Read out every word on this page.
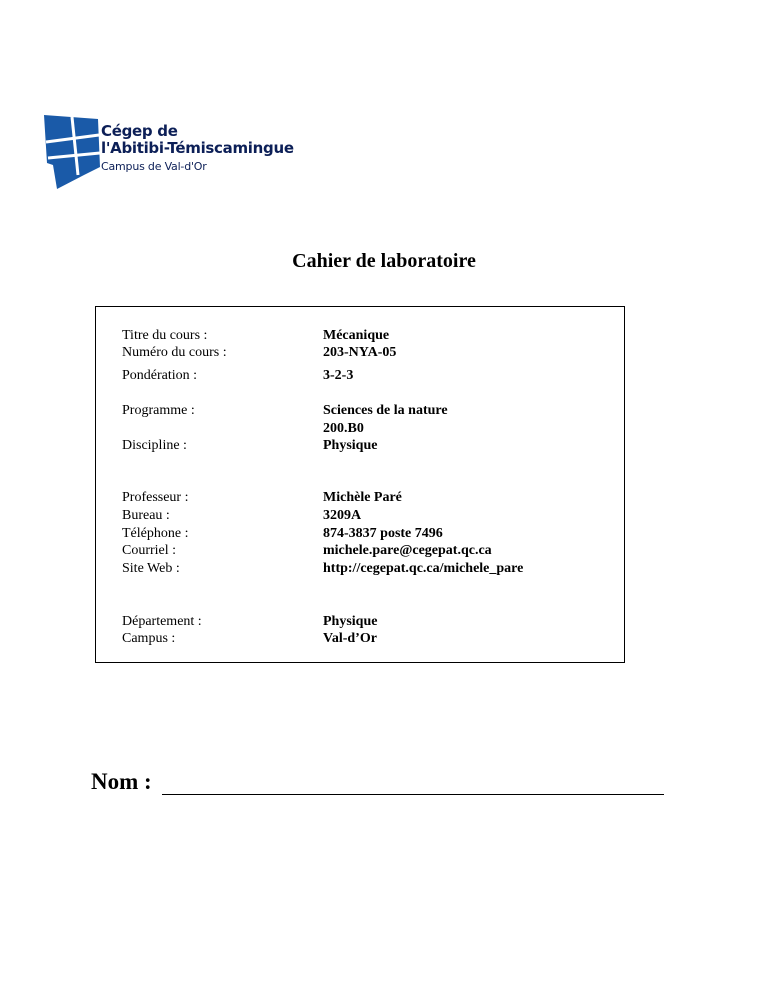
Cégep de
l'Abitibi-Témiscamingue
Campus de Val-d'Or
Cahier de laboratoire
Titre du cours :	Mécanique
Numéro du cours :	203-NYA-05
Pondération :	3-2-3
Programme :	Sciences de la nature
200.B0
Discipline :	Physique
Professeur :	Michèle Paré
Bureau :	3209A
Téléphone :	874-3837 poste 7496
Courriel :	michele.pare@cegepat.qc.ca
Site Web :	http://cegepat.qc.ca/michele_pare
Département :	Physique
Campus :	Val-d’Or
Nom :
